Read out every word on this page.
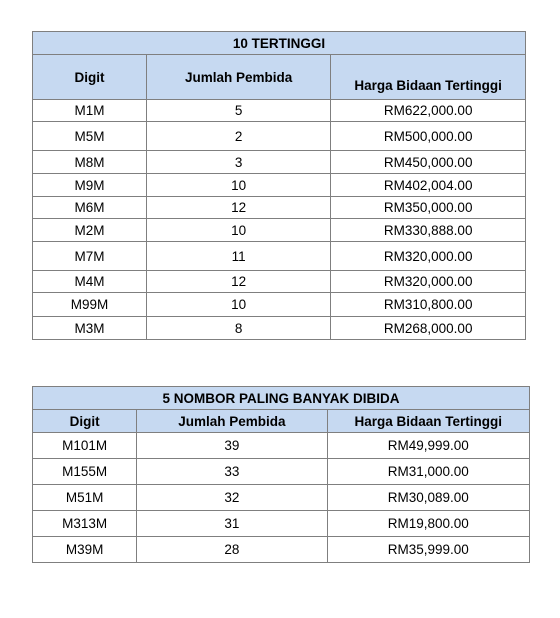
10 TERTINGGI		
Digit	Jumlah Pembida	Harga Bidaan Tertinggi
M1M	5	RM622,000.00
M5M	2	RM500,000.00
M8M	3	RM450,000.00
M9M	10	RM402,004.00
M6M	12	RM350,000.00
M2M	10	RM330,888.00
M7M	11	RM320,000.00
M4M	12	RM320,000.00
M99M	10	RM310,800.00
M3M	8	RM268,000.00
5 NOMBOR PALING BANYAK DIBIDA		
Digit	Jumlah Pembida	Harga Bidaan Tertinggi
M101M	39	RM49,999.00
M155M	33	RM31,000.00
M51M	32	RM30,089.00
M313M	31	RM19,800.00
M39M	28	RM35,999.00
